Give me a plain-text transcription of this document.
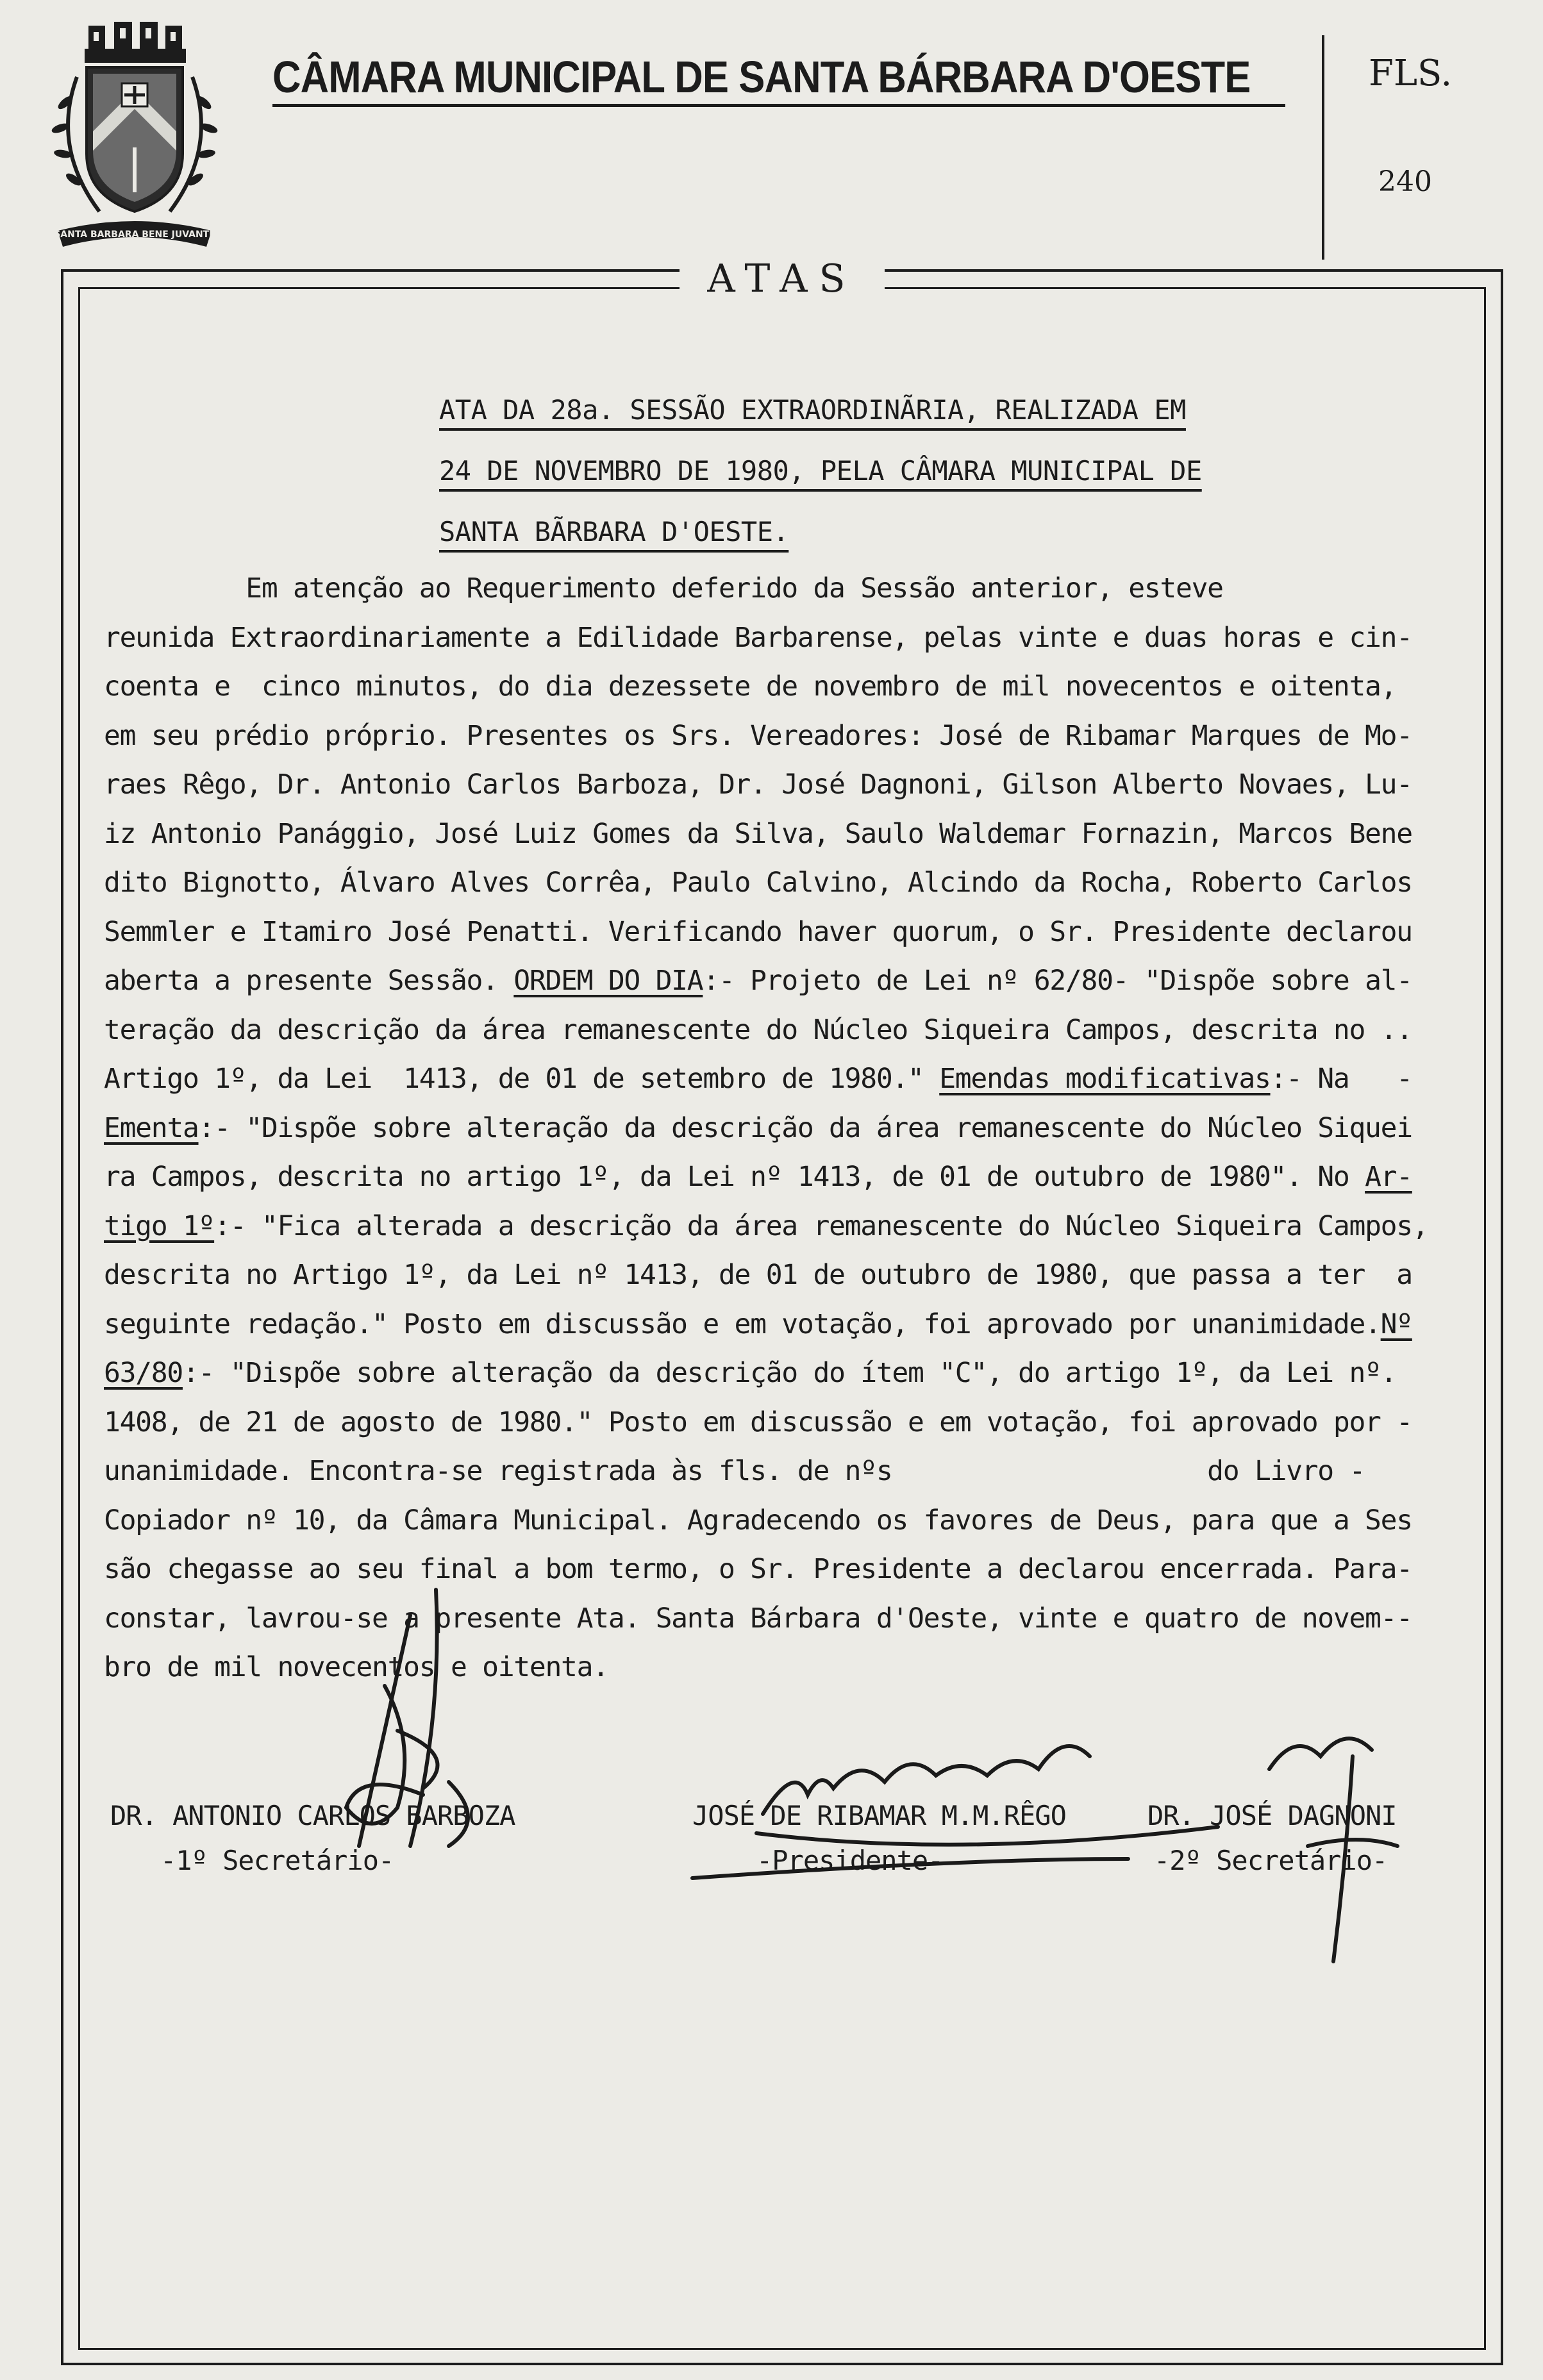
SANTA BARBARA BENE JUVANTE
CÂMARA MUNICIPAL DE SANTA BÁRBARA D'OESTE	FLS.
240
ATAS
ATA DA 28a. SESSÃO EXTRAORDINÃRIA, REALIZADA EM
24 DE NOVEMBRO DE 1980, PELA CÂMARA MUNICIPAL DE
SANTA BÃRBARA D'OESTE.
Em atenção ao Requerimento deferido da Sessão anterior, esteve
reunida Extraordinariamente a Edilidade Barbarense, pelas vinte e duas horas e cin-
coenta e  cinco minutos, do dia dezessete de novembro de mil novecentos e oitenta,
em seu prédio próprio. Presentes os Srs. Vereadores: José de Ribamar Marques de Mo-
raes Rêgo, Dr. Antonio Carlos Barboza, Dr. José Dagnoni, Gilson Alberto Novaes, Lu-
iz Antonio Panággio, José Luiz Gomes da Silva, Saulo Waldemar Fornazin, Marcos Bene
dito Bignotto, Álvaro Alves Corrêa, Paulo Calvino, Alcindo da Rocha, Roberto Carlos
Semmler e Itamiro José Penatti. Verificando haver quorum, o Sr. Presidente declarou
aberta a presente Sessão. ORDEM DO DIA:- Projeto de Lei nº 62/80- "Dispõe sobre al-
teração da descrição da área remanescente do Núcleo Siqueira Campos, descrita no ..
Artigo 1º, da Lei  1413, de 01 de setembro de 1980." Emendas modificativas:- Na   -
Ementa:- "Dispõe sobre alteração da descrição da área remanescente do Núcleo Siquei
ra Campos, descrita no artigo 1º, da Lei nº 1413, de 01 de outubro de 1980". No Ar-
tigo 1º:- "Fica alterada a descrição da área remanescente do Núcleo Siqueira Campos,
descrita no Artigo 1º, da Lei nº 1413, de 01 de outubro de 1980, que passa a ter  a
seguinte redação." Posto em discussão e em votação, foi aprovado por unanimidade.Nº
63/80:- "Dispõe sobre alteração da descrição do ítem "C", do artigo 1º, da Lei nº.
1408, de 21 de agosto de 1980." Posto em discussão e em votação, foi aprovado por -
unanimidade. Encontra-se registrada às fls. de nºs                    do Livro -
Copiador nº 10, da Câmara Municipal. Agradecendo os favores de Deus, para que a Ses
são chegasse ao seu final a bom termo, o Sr. Presidente a declarou encerrada. Para-
constar, lavrou-se a presente Ata. Santa Bárbara d'Oeste, vinte e quatro de novem--
bro de mil novecentos e oitenta.
DR. ANTONIO CARLOS BARBOZA
-1º Secretário-
JOSÉ DE RIBAMAR M.M.RÊGO
-Presidente-
DR. JOSÉ DAGNONI
-2º Secretário-
